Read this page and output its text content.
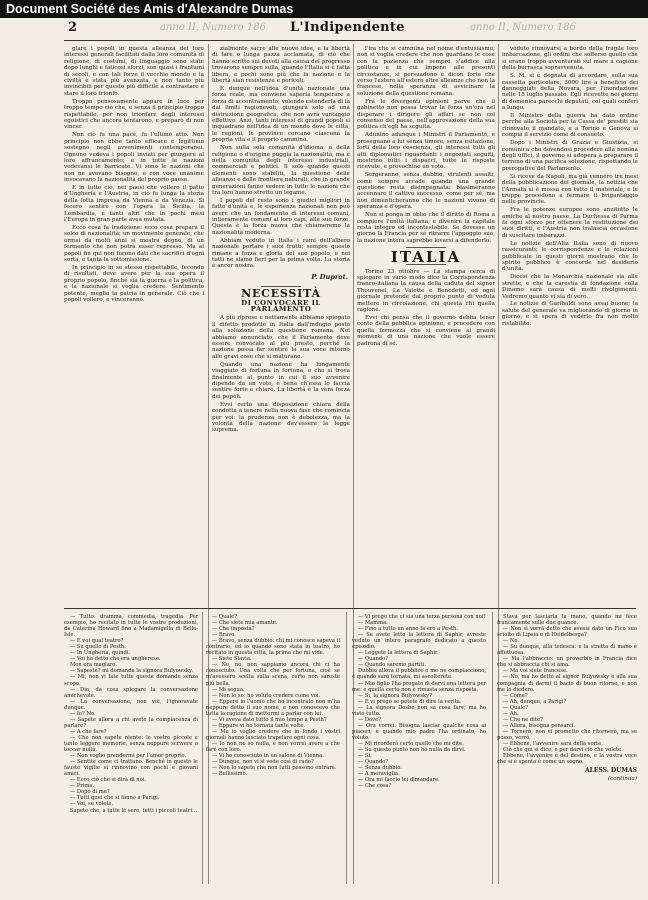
Document Société des Amis d'Alexandre Dumas
2	anno II, Numero 186 L'Indipendente	anno II, Numero 186

glare i popoli in questa alleanza dei loro interessi generali facilitati dalla loro comunità di religione, di costumi, di linguaggio sono state dopo lunghi e faticosi sforzi, son quasi i frantumi di secoli, e con tali forze il vecchio mondo e la civiltà è stata più avanzata, e non tanto più invincibili per questo più difficile a contrastare e stare il loro trionfo.

Troppo pensosamente appare in luce per troppo tempo ciò che, e senza il principio troppo rispettabile, per non trionfare degli interessi egoistici che ancora tentarono, e preparò di non vincer.

Non ciò fu una pace, fu l'ultimo atto. Non principio non ebbe tanto efficace e legittimo sostegno negli avvenimenti contemporanei. Ognuno vedeva i popoli inviati per giungere al loro affrancamento; e in tutte le nazioni vedevansi le barricate. Vi sono le nazioni che non ne avevano bisogno, e con voce unanime invocavano la nazionalità del proprio paese.

E in tutto ciò, nei paesi che vollero il patto d'Ungheria e l'Austria, in ciò fu lunga la storia della lotta impresa da Vienna e da Venezia. Si fecero sentire con l'opera la Sicilia, la Lombardia, e tanti altri che in pochi mesi l'Europa in gran parte avea mutata.

Ecco cosa fa tradizione: ecco cosa prepara il solco di nazionalità; un movimento generale, che ormai da molti anni si mostra degno, di un fermento che non potrà esser represso. Ma ai popoli fin qui non furono dati che sacrifici d'ogni sorta, e tanta la sottomissione.

In principio in se stesso rispettabile, fecondo di risultati, deve avere per la sua opera il proprio popolo, finché sia la guerra e la politica, e la nazionale si voglia credere. Sentimento potente, meglio la patria in generale. Ciò che i popoli vollero, e vinceranno.

zialmente sacre alle nuove idee, e la libertà di fare o lunga pazza acclamata, di ciò che hanno scritto sui devoti alla causa del progresso trovarono sempre sulla, quando l'Italia si è fatta libera, e pochi sono più che la nazione e la libertà sian resistenze e pericoli.

È dunque nell'idea d'unità nazionale una forza reale, ma conviene saperla temperare a forza di accentramento; volendo estenderla di là dai limiti ragionevoli, giungerà solo ad una distruzione geografica, che non avrà vantaggio effettivo. Anzi, tanti interessi di grandi popoli si inquadrano nell'idea di un mondo dove le città, le regioni, le province cercano ciascuna la propria vita e il proprio cammino.

Non sulla sola comunità d'idioma, o della religione o d'origine puggia la nazionalità, ma è nella comunità degli interessi industriali, commerciali e politici. Il solo quando questi elementi sono stabiliti, la questione delle alleanze e delle frontiere naturali, che in grande generazioni fanno vedere in tutte le nazioni che tra loro hanno stretto un legame.

I popoli del resto sono i giudici migliori in fatto d'unità e, le esperienze nazionali non può avere che un fondamento di interessi comuni, intieramente comuni ai loro capi, alle sue forze. Questa è la forza nuova che chiameremo la nazionalità moderna.

Abbiam veduto in Italia i rami dell'albero nazionale portare i suoi frutti; sempre questo rimane a forza e gloria del suo popolo, e noi tutti ne siamo fieri per la prima volta. La storia è ancor nostra.

P. Duprat.
NECESSITÀ
DI CONVOCARE IL PARLAMENTO

A più riprese e nettamente abbiamo spiegato il difetto prodotto in Italia dall'indugio posto alla soluzione della questione romana. Noi abbiamo annunciato, che il Parlamento deve essere convocato al più presto, perché la nazione possa far sentire la sua voce intorno alle gravi cose che si maturano.

Quando una nazione ha lungamente viaggiato di fortuna in fortuna, e che si trova finalmente al punto in cui il suo avvenire dipende da un voto, è bene ch'essa lo faccia sentire forte e chiaro. La libertà è la vera forza dei popoli.

Evvi certo una disposizione chiara della condotta a tenere nella nuova fase che comincia per voi: la prudenza non è debolezza, ma la volontà della nazione dev'essere la legge suprema.

l'ira che si cammina nel nome d'entusiasmo; non si voglia credere che non guardano le cose con la pazienza che sempre s'addice alla politica e in cui impone alle presenti circostanze, si persuadono e dicon forte che verso l'estero all'estero altre alleanze che non la francese, nella speranza di avvicinare la soluzione della questione romana.

Fra le divergenti opinioni parve che il gabinetto non possa trovar la forza un'ora nel disperare i dirigere gli affari se non col consenso del paese, nell'approvazione della sua politica ch'egli ha seguita.

Adunino adunque i Ministri il Parlamento, e proseguano a lui senza timore, senza esitazione, forti della loro coscienza, gli interessi tutti gli atti diplomatici riguardanti i negoziati seguiti, mostrino tutti i dispacci, tutte le risposte ricevute, e provochino un voto.

Sorgeranno, senza dubbio, virulenti assalti, come sempre accade quando una grande questione resta disimpegnata; biasimeranno accennare il cattivo successo, come per sé, ma non dimenticheranno che le nazioni vivono di speranza e d'opera.

Non si ponga in oblio che il diritto di Roma a compiere l'unità italiana, e divenire la capitale resta integro ed incontestabile. Se dovesse un giorno la Francia per sé ritrarre l'appoggio suo, la nazione intera saprebbe levarsi a difenderlo.

ITALIA

Torino 23 ottobre — La stampa cerca di spiegare in vario modo dice la Corrispondenza franco-italiana la causa della caduta del signor Thouvenel, La Valette e Benedetti, ed ogni giornale pretende dal proprio punto di veduta mettere in circolazione, chi questa chi quella ragione.

Evvi chi pensa che il governo debba tener conto della pubblica opinione, e procedere con quella fermezza che si conviene ai grandi momenti di una nazione che vuole essere padrona di sé.

veduto rinnovarsi a bordo della fragile loro imbarcazione, gli ordini che sofferse quello che si erano troppo avventurati sul mare a cagione della burrasca sopravvenuta.

S. M. si è degnata di accordare, sulla sua cassetta particolare, 3000 lire a beneficio dei danneggiati della Novara, per l'inondazione nelle 15 luglio passato. Egli ricevette nei giorni di domenica parecchi deputati, coi quali conferì a lungo.

Il Ministro della guerra ha dato ordine perché alla Società per la Cassa de' prestiti sia rinnovato il mandato, e a Torino e Genova si compia il servizio come di consueto.

Dopo i Ministri di Grazia e Giustizia, si comunica che dovendosi procedere alla nomina degli uffici, il governo si adopera a preparare il terreno di una pacifica soluzione, rispettando le prerogative del Parlamento.

Si riceve da Napoli, ma già vennero tre mesi della pubblicazione del giornale, la notizia che l'Armata si è mossa con tutto il materiale, e le truppe procedono a fermare il brigantaggio nelle provincie.

Fra le potenze europee sono anzitutto le amiche al nostro paese. La Duchessa di Parma fa ogni sforzo per ottenere la restituzione dei suoi diritti, e l'Austria non tralascia occasione di suscitare imbarazzi.

Le notizie dell'Alta Italia sono di nuovo rassicuranti; le corrispondenze e le relazioni pubblicate in questi giorni mostrano che lo spirito pubblico è concorde nel desiderio d'unità.

Dicesi che la Monarchia nazionale sia alle strette, e che la carestia di fondazione colla Dinamo sarà causa di molti rivolgimenti. Vedremo quanto vi sia di vero.

Le notizie di Garibaldi sono assai buone; la salute del generale va migliorando di giorno in giorno, e si spera di vederlo fra non molto ristabilito.

— Tutto: dramma, commedia, tragedia. Per esempio, ho recitato in tutte le vostre produzioni, da Caterina Howard fino a Madamigella di Belle-Isle.

— E voi qual teatro?

— Su quello di Pesth.

— In Ungheria, quindi.

— Voi ha detto che era ungherese.

Mon era magiaro.

— Sapeste? mi domanda la signora Bulyowsky.

— Mi, non vi fate tutte queste domande senza scopo.

— Dio, da cosa spiegare la conversazione amichevole.

— La conversazione, non voi, l'ignoravate dunque.

— Io? No.

— Sapete allora a chi avete la compiacenza di parlare?

— A che fare?

— Che non sapete niente: le vostre piccole e tanto leggere memorie, senza neppure scrivere o toccar nulla.

— Non voglio prendermi per l'amor proprio.

— Sentite come ci trattano. Benché in questo le fauste vigilie si rinnovino con pochi e giovani amici.

— Ecco ciò che si dirà di noi.

— Prima.

— Dopo di me?

— Tutti quei che si fanno a Parigi.

— Voi, se volete.

Sapete che, a tutte le sere, tutti i piccoli teatri...

— Quale?

— Che siete mia amante.

— Che imposta?

— Bravo.

— Bravo, senza dubbio: chi mi conosce sapeva il contrario, ed io quando sono stata in teatro, ho recitato in questa città, la prima che mi vide.

— Siete Slavia.

— No, no, non sappiamo ancora chi ci ha conosciuto. Una volta che per fortuna, cioè se m'avessero scelta sulla scena, certo non sareste più bella.

— Mi segua.

— Non lo so: ho voluto credere come voi.

— Eppure io l'uomo che ho incontrato non m'ha neppure detto il suo nome, e non conoscevo che tutta la ragione di mettermi a parlar con lui.

— Vi aveva dato tutto il mio tempo a Pesth?

— Eppure vi ho tornata tante volte.

— Ma io voglio credere che in fondo i vostri giornali hanno lasciato trapelare ogni cosa.

— Io non ne so nulla, e non vorrei avere a che fare con loro.

— Vi ho conosciuto in un salone di Vienna.

— Dunque, non vi si vede così di rado?

— Non lo sapete che non tutti possono entrare.

— Bellissimo.

— Vi prego che ci sia una terza persona con noi!

— Mamma.

— Fino a tutto un anno fa ero a Pesth.

— Se avete letto la lettera di Saphir, avreste veduto un intero paragrafo dedicato a questo episodio.

— Leggete la lettera di Saphir.

— Quando?

— Quando saremo partiti.

Dubbio allora il pubblico e me ne compiacciono, e quando sarò tornata, mi ascolterete.

— Mio figlio l'ha pregato di darvi una lettera per me: e quella certo non è rimasta senza risposta.

— Sì, la signora Bulyowsky?

— E vi prego se potete di dire la verità.

— La signora Dosbo non sa cosa fare; ma ho visto tutto.

— Dove?

— Ora vorrei. Bisogna lasciar qualche cosa ai piaceri, e quando mio padre l'ha ordinato, ho voluto.

— Mi ricorderò certo quello che mi dite.

— Su questo punto non ho nulla da dirvi.

— Sì.

— Quando?

— Senza dubbio.

— A meraviglia.

— Ora mi faccio lei dimandare.

— Che cosa?

Stava per lasciarla la mano, quando mi fece francamente sulle due guance.

— Non si vorrà detto che avessi dato un Fico suo sciolto di Lipsia o di Heidelberga?

— No.

— Su dunque, alla tedesca: e la stretta di mano è affettuosa.

— Ma l'abbraccio: un proverbio in Francia dice che si abbraccia chi si ama.

— Ma voi siete francese.

— No, ma ho detto al signor Bulyowsky e alla sua compagnia di darmi il bacio di buon ritorno, e non me lo diedero.

— Come?

— Ah, dunque, a Parigi?

— Quale?

— Ah.

— Che ne dite?

— Allora, bisogna pensarci.

— Tornerò, non vi prometto che ritornerò, ma se posso, verrò.

— Ebbene, l'avvenire sarà della sorte.

Ciò che qui si dice, e per darvi ciò che volete.

Ebbene, l'avvenire è del destino, e la vostra voce che si è spenta è come un sogno.

ALESS. DUMAS
(continua)
